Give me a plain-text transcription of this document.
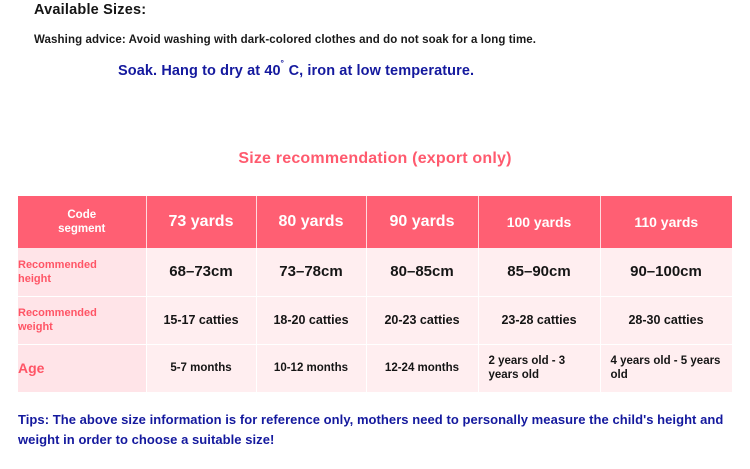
Available Sizes:
Washing advice: Avoid washing with dark-colored clothes and do not soak for a long time.
Soak. Hang to dry at 40˚ C, iron at low temperature.
Size recommendation (export only)
Code
segment	73 yards	80 yards	90 yards	100 yards	110 yards
Recommended
height	68–73cm	73–78cm	80–85cm	85–90cm	90–100cm
Recommended
weight	15-17 catties	18-20 catties	20-23 catties	23-28 catties	28-30 catties
Age	5-7 months	10-12 months	12-24 months	2 years old - 3 years old	4 years old - 5 years old
Tips: The above size information is for reference only, mothers need to personally measure the child's height and weight in order to choose a suitable size!
